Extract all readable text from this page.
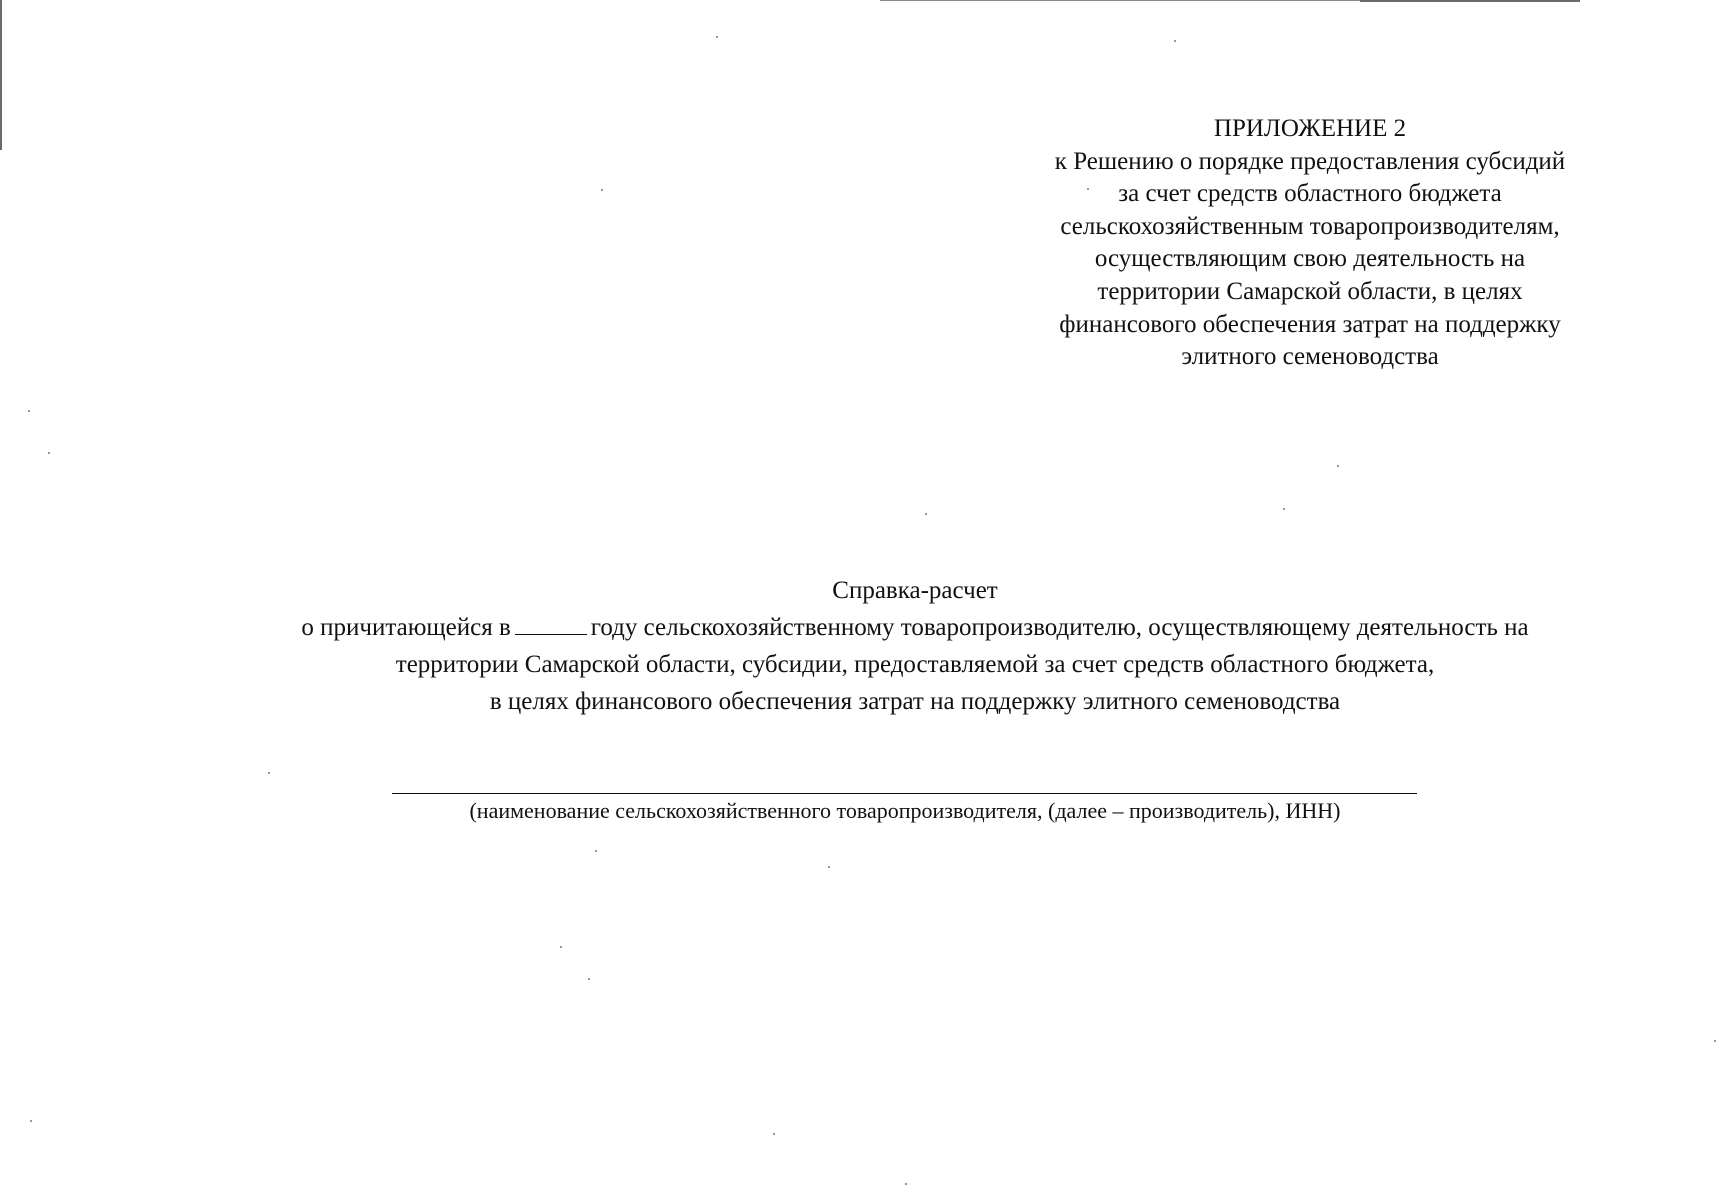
ПРИЛОЖЕНИЕ 2
к Решению о порядке предоставления субсидий
за счет средств областного бюджета
сельскохозяйственным товаропроизводителям,
осуществляющим свою деятельность на
территории Самарской области, в целях
финансового обеспечения затрат на поддержку
элитного семеноводства
Справка-расчет
о причитающейся в	году сельскохозяйственному товаропроизводителю, осуществляющему деятельность на
территории Самарской области, субсидии, предоставляемой за счет средств областного бюджета,
в целях финансового обеспечения затрат на поддержку элитного семеноводства
(наименование сельскохозяйственного товаропроизводителя, (далее – производитель), ИНН)
